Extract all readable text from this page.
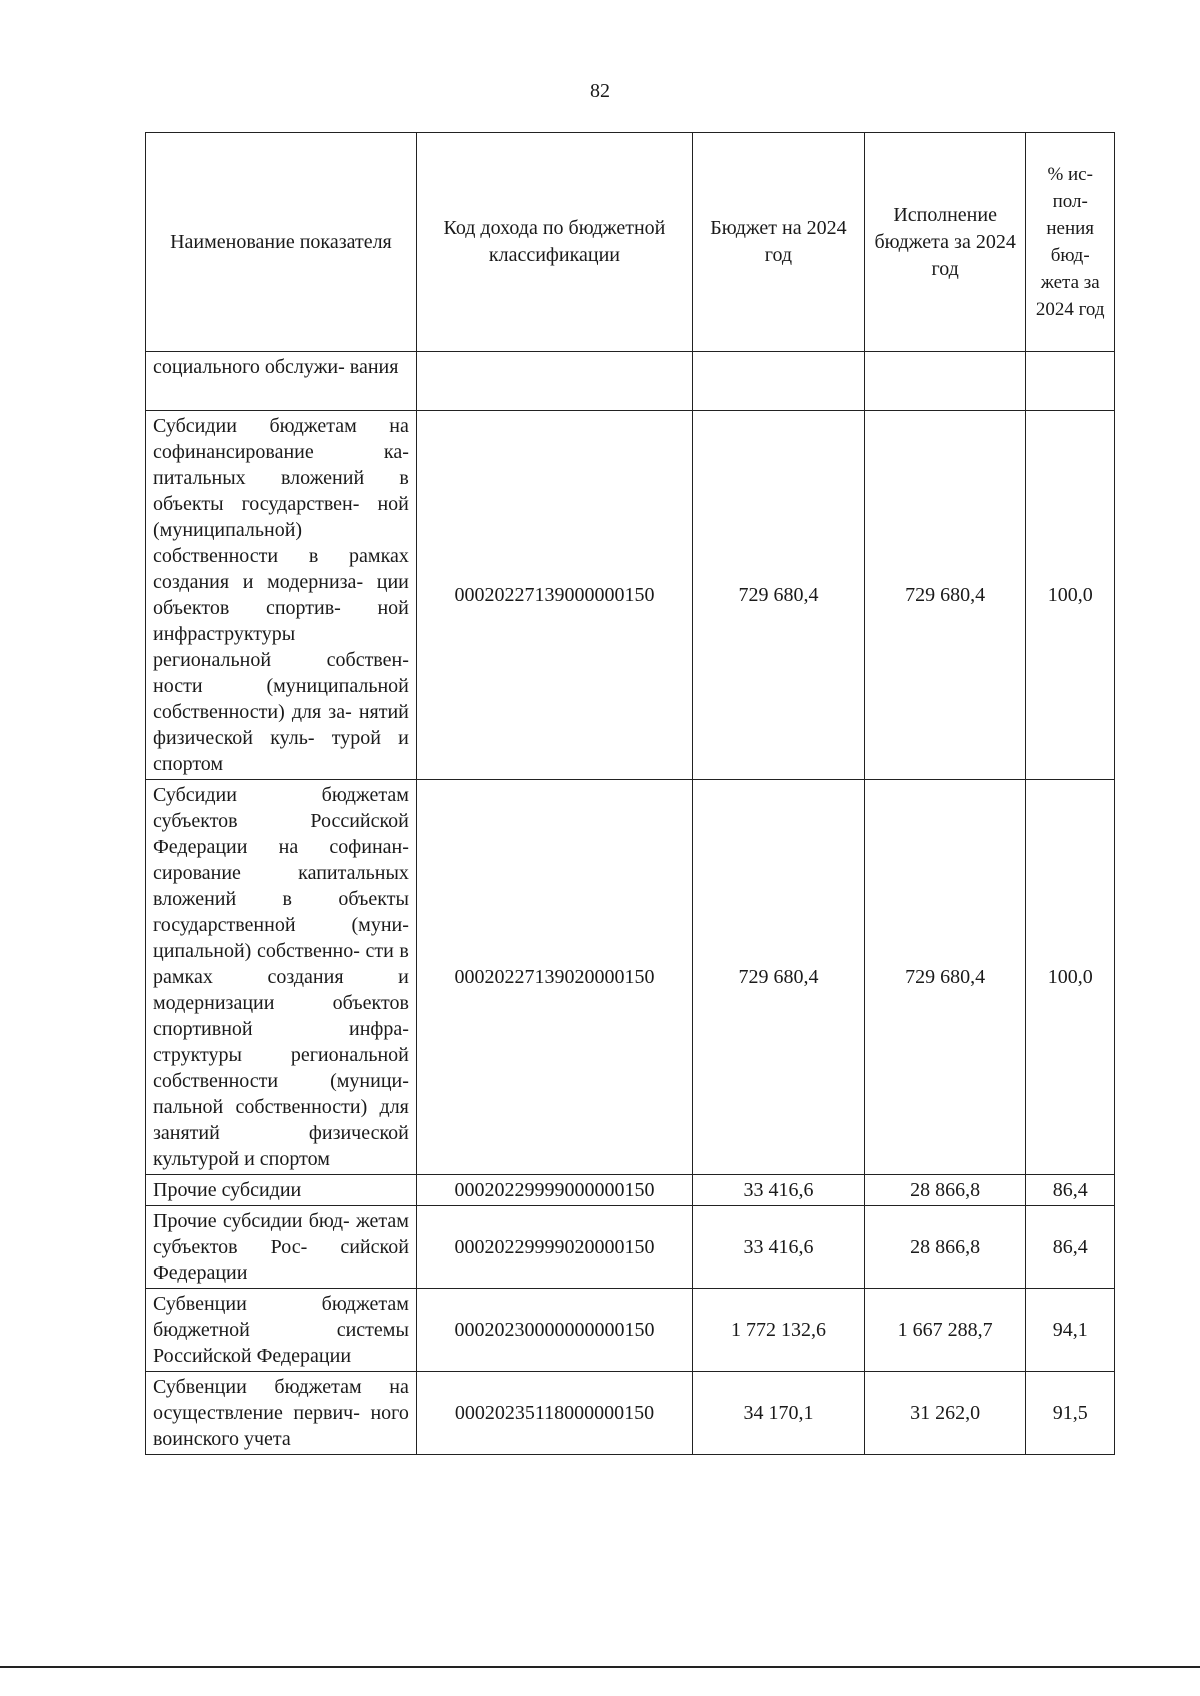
82
Наименование показателя	Код дохода по бюджетной классификации	Бюджет на 2024 год	Исполнение бюджета за 2024 год	% ис- пол- нения бюд- жета за 2024 год
социального обслужи- вания				
Субсидии бюджетам на софинансирование ка- питальных вложений в объекты государствен- ной (муниципальной) собственности в рамках создания и модерниза- ции объектов спортив- ной инфраструктуры региональной собствен- ности (муниципальной собственности) для за- нятий физической куль- турой и спортом	00020227139000000150	729 680,4	729 680,4	100,0
Субсидии бюджетам субъектов Российской Федерации на софинан- сирование капитальных вложений в объекты государственной (муни- ципальной) собственно- сти в рамках создания и модернизации объектов спортивной инфра- структуры региональной собственности (муници- пальной собственности) для занятий физической культурой и спортом	00020227139020000150	729 680,4	729 680,4	100,0
Прочие субсидии	00020229999000000150	33 416,6	28 866,8	86,4
Прочие субсидии бюд- жетам субъектов Рос- сийской Федерации	00020229999020000150	33 416,6	28 866,8	86,4
Субвенции бюджетам бюджетной системы Российской Федерации	00020230000000000150	1 772 132,6	1 667 288,7	94,1
Субвенции бюджетам на осуществление первич- ного воинского учета	00020235118000000150	34 170,1	31 262,0	91,5
